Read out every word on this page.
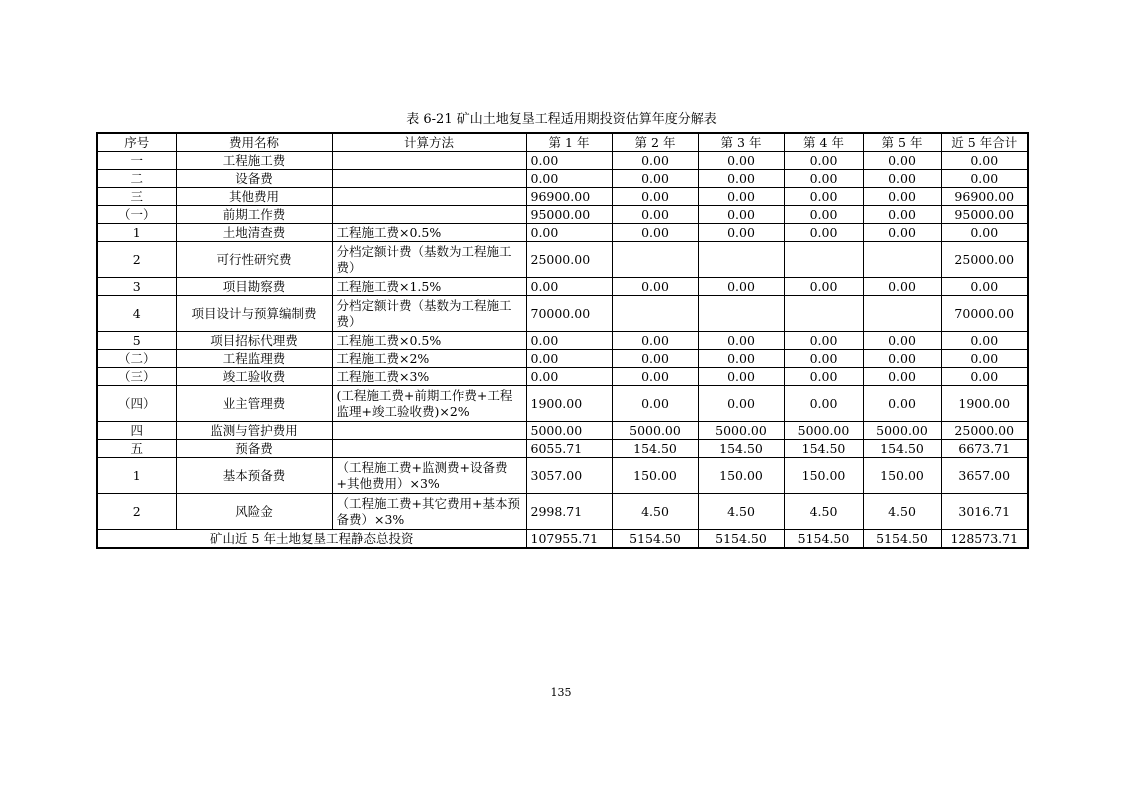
表 6-21 矿山土地复垦工程适用期投资估算年度分解表
序号	费用名称	计算方法	第 1 年	第 2 年	第 3 年	第 4 年	第 5 年	近 5 年合计
一	工程施工费		0.00	0.00	0.00	0.00	0.00	0.00
二	设备费		0.00	0.00	0.00	0.00	0.00	0.00
三	其他费用		96900.00	0.00	0.00	0.00	0.00	96900.00
（一）	前期工作费		95000.00	0.00	0.00	0.00	0.00	95000.00
1	土地清查费	工程施工费×0.5%	0.00	0.00	0.00	0.00	0.00	0.00
2	可行性研究费	分档定额计费（基数为工程施工费）	25000.00					25000.00
3	项目勘察费	工程施工费×1.5%	0.00	0.00	0.00	0.00	0.00	0.00
4	项目设计与预算编制费	分档定额计费（基数为工程施工费）	70000.00					70000.00
5	项目招标代理费	工程施工费×0.5%	0.00	0.00	0.00	0.00	0.00	0.00
（二）	工程监理费	工程施工费×2%	0.00	0.00	0.00	0.00	0.00	0.00
（三）	竣工验收费	工程施工费×3%	0.00	0.00	0.00	0.00	0.00	0.00
（四）	业主管理费	(工程施工费+前期工作费+工程监理+竣工验收费)×2%	1900.00	0.00	0.00	0.00	0.00	1900.00
四	监测与管护费用		5000.00	5000.00	5000.00	5000.00	5000.00	25000.00
五	预备费		6055.71	154.50	154.50	154.50	154.50	6673.71
1	基本预备费	（工程施工费+监测费+设备费+其他费用）×3%	3057.00	150.00	150.00	150.00	150.00	3657.00
2	风险金	（工程施工费+其它费用+基本预备费）×3%	2998.71	4.50	4.50	4.50	4.50	3016.71
矿山近 5 年土地复垦工程静态总投资			107955.71	5154.50	5154.50	5154.50	5154.50	128573.71
135
